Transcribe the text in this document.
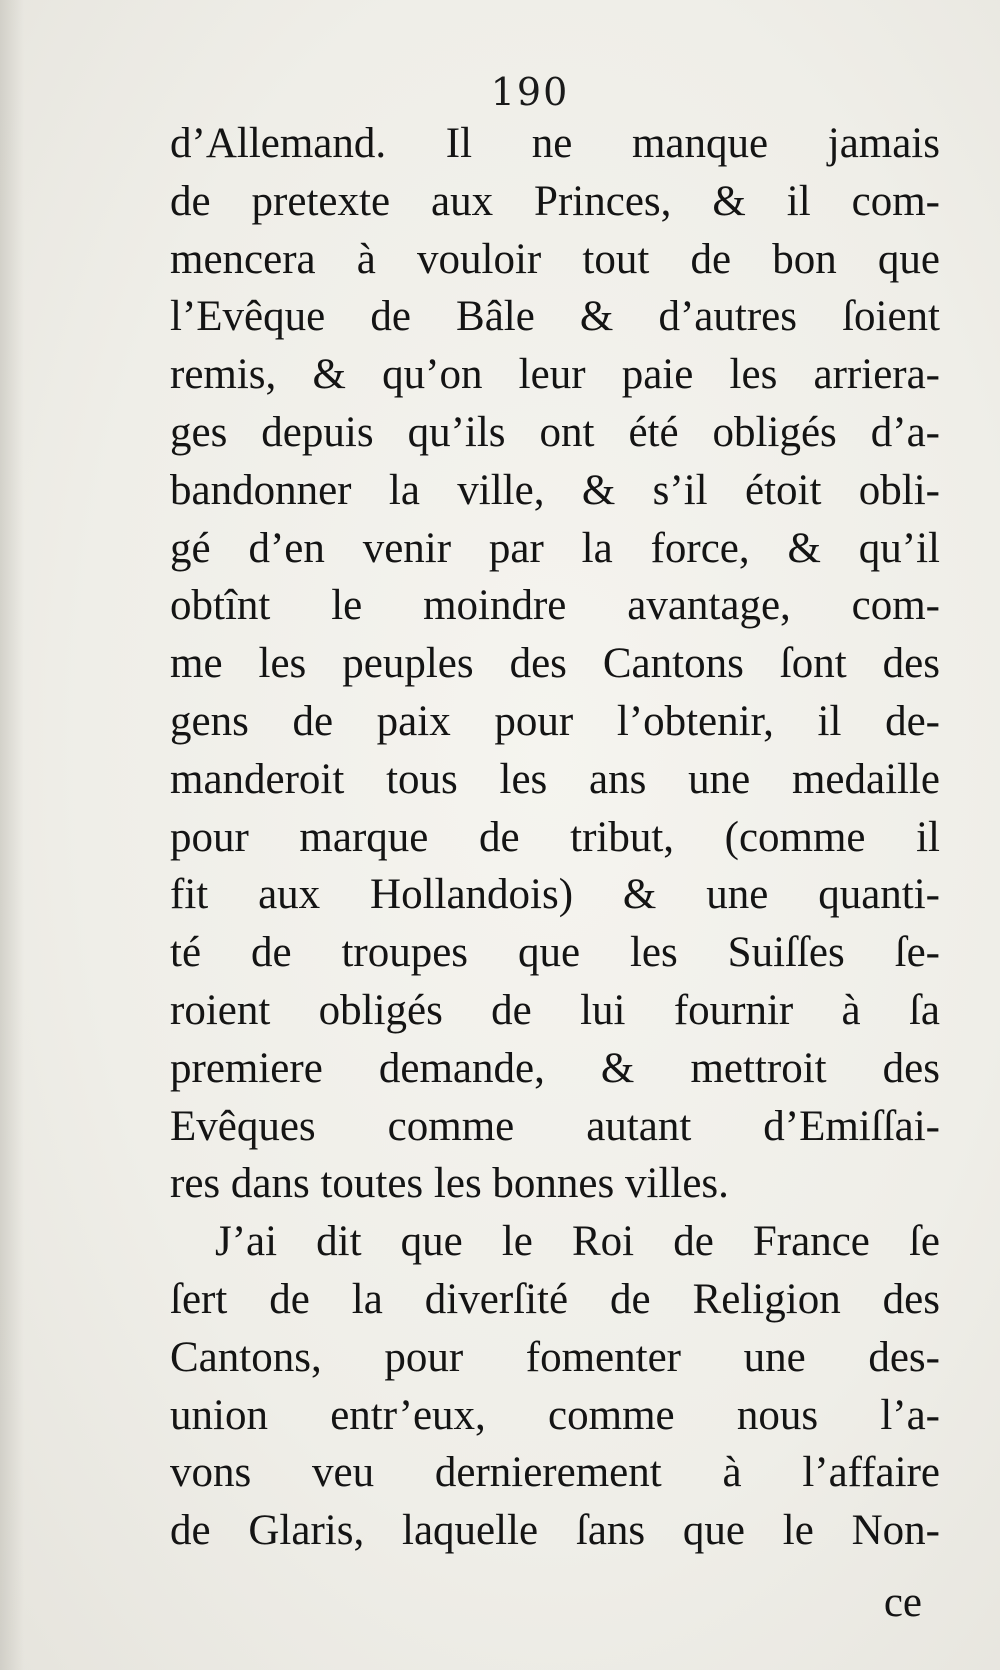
190
d’Allemand. Il ne manque jamais
de pretexte aux Princes, & il com-
mencera à vouloir tout de bon que
l’Evêque de Bâle & d’autres ſoient
remis, & qu’on leur paie les arrierа-
ges depuis qu’ils ont été obligés d’a-
bandonner la ville, & s’il étoit obli-
gé d’en venir par la force, & qu’il
obtînt le moindre avantage, com-
me les peuples des Cantons ſont des
gens de paix pour l’obtenir, il de-
manderoit tous les ans une medaille
pour marque de tribut, (comme il
fit aux Hollandois) & une quanti-
té de troupes que les Suiſſes ſe-
roient obligés de lui fournir à ſa
premiere demande, & mettroit des
Evêques comme autant d’Emiſſai-
res dans toutes les bonnes villes.
J’ai dit que le Roi de France ſe
ſert de la diverſité de Religion des
Cantons, pour fomenter une des-
union entr’eux, comme nous l’a-
vons veu dernierement à l’affaire
de Glaris, laquelle ſans que le Non-
ce
